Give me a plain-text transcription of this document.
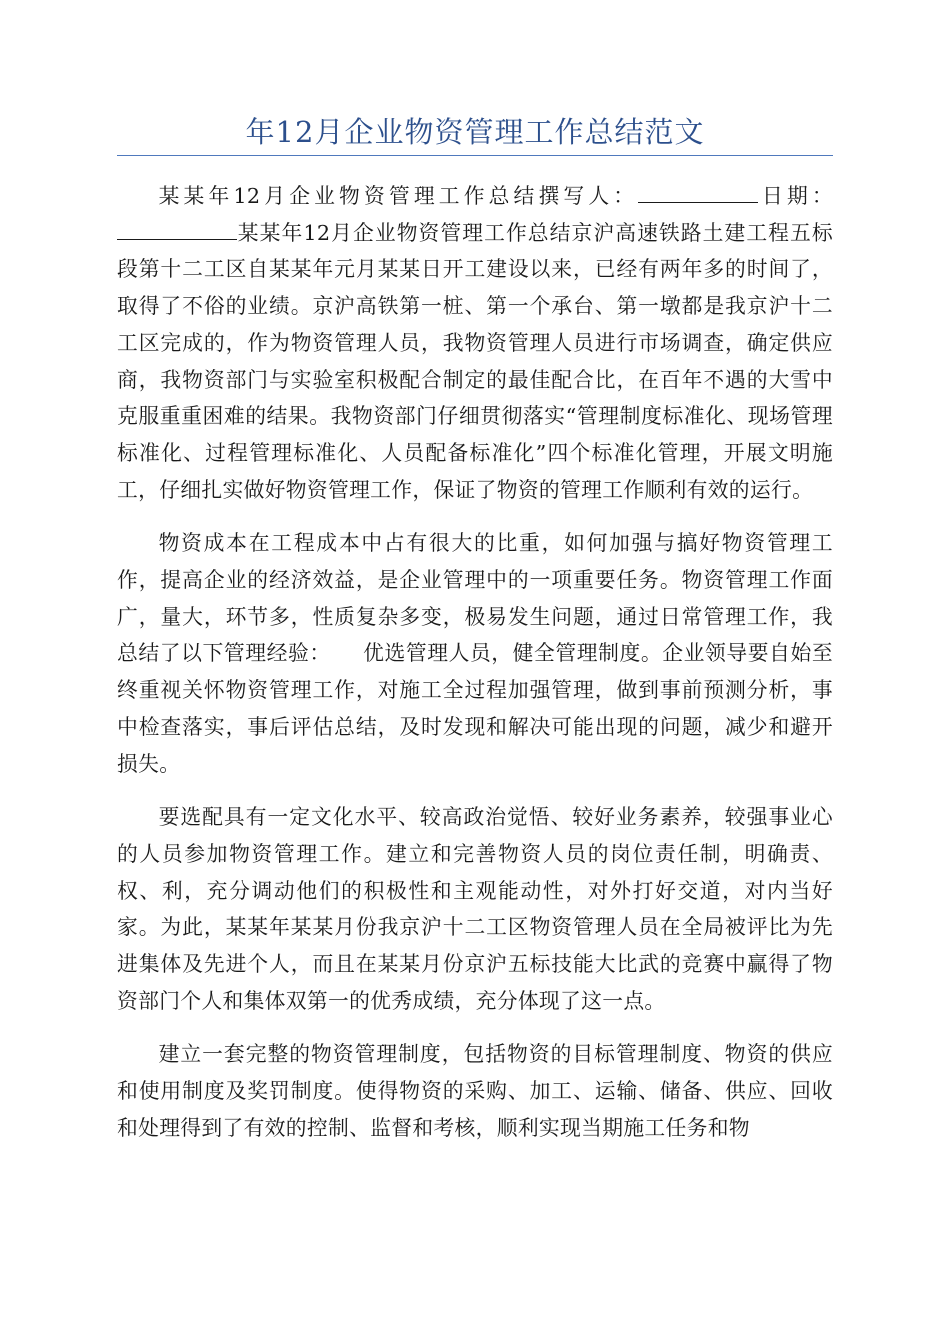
年12月企业物资管理工作总结范文

某某年12月企业物资管理工作总结撰写人：	日期：某某年12月企业物资管理工作总结京沪高速铁路土建工程五标段第十二工区自某某年元月某某日开工建设以来，已经有两年多的时间了，取得了不俗的业绩。京沪高铁第一桩、第一个承台、第一墩都是我京沪十二工区完成的，作为物资管理人员，我物资管理人员进行市场调查，确定供应商，我物资部门与实验室积极配合制定的最佳配合比，在百年不遇的大雪中克服重重困难的结果。我物资部门仔细贯彻落实“管理制度标准化、现场管理标准化、过程管理标准化、人员配备标准化”四个标准化管理，开展文明施工，仔细扎实做好物资管理工作，保证了物资的管理工作顺利有效的运行。

物资成本在工程成本中占有很大的比重，如何加强与搞好物资管理工作，提高企业的经济效益，是企业管理中的一项重要任务。物资管理工作面广，量大，环节多，性质复杂多变，极易发生问题，通过日常管理工作，我总结了以下管理经验：　　优选管理人员，健全管理制度。企业领导要自始至终重视关怀物资管理工作，对施工全过程加强管理，做到事前预测分析，事中检查落实，事后评估总结，及时发现和解决可能出现的问题，减少和避开损失。

要选配具有一定文化水平、较高政治觉悟、较好业务素养，较强事业心的人员参加物资管理工作。建立和完善物资人员的岗位责任制，明确责、权、利，充分调动他们的积极性和主观能动性，对外打好交道，对内当好家。为此，某某年某某月份我京沪十二工区物资管理人员在全局被评比为先进集体及先进个人，而且在某某月份京沪五标技能大比武的竞赛中赢得了物资部门个人和集体双第一的优秀成绩，充分体现了这一点。

建立一套完整的物资管理制度，包括物资的目标管理制度、物资的供应和使用制度及奖罚制度。使得物资的采购、加工、运输、储备、供应、回收和处理得到了有效的控制、监督和考核，顺利实现当期施工任务和物
